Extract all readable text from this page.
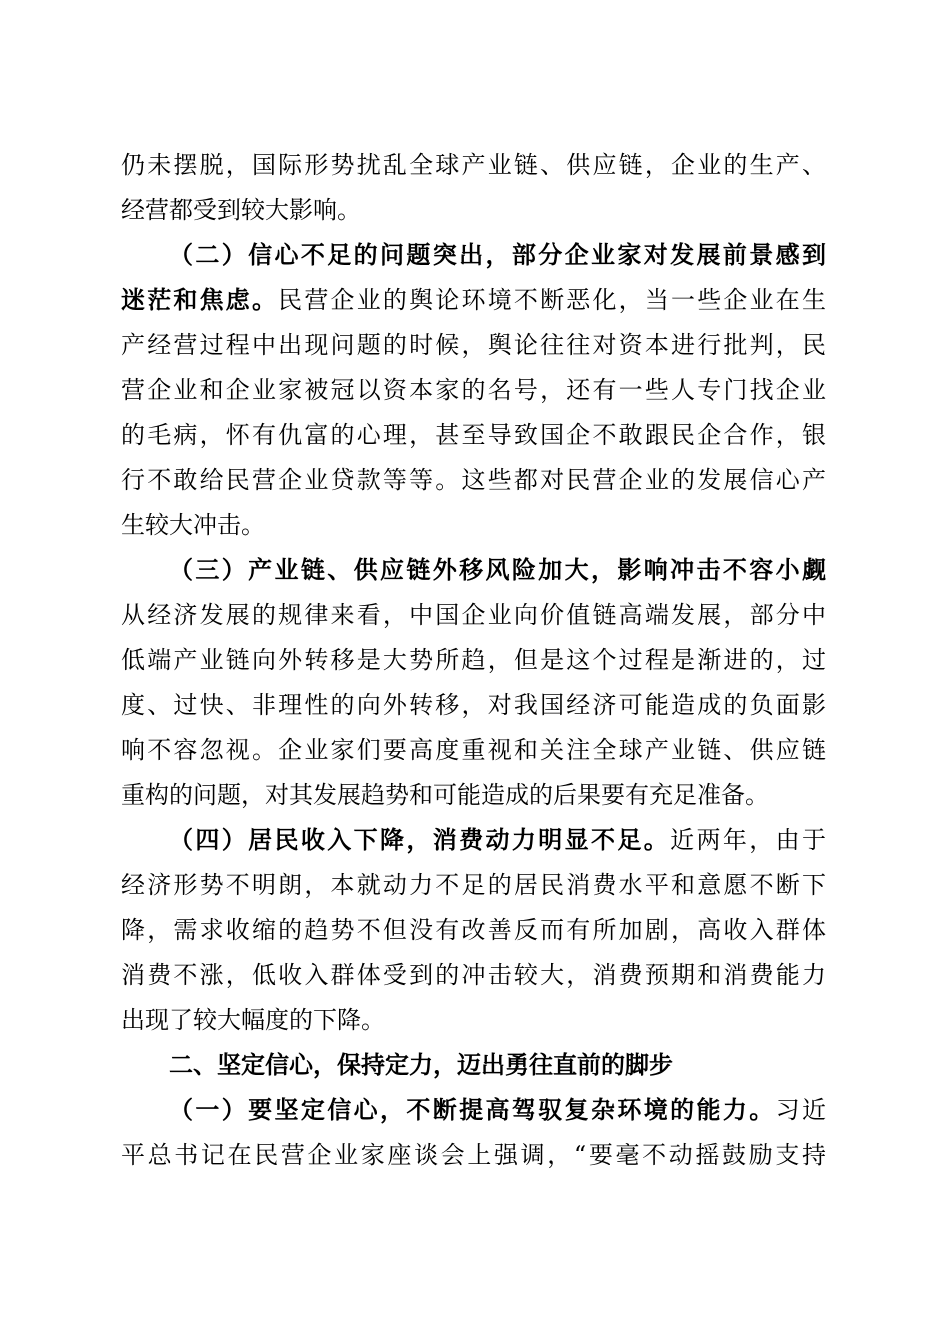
仍未摆脱，国际形势扰乱全球产业链、供应链，企业的生产、
经营都受到较大影响。
（二）信心不足的问题突出，部分企业家对发展前景感到
迷茫和焦虑。民营企业的舆论环境不断恶化，当一些企业在生
产经营过程中出现问题的时候，舆论往往对资本进行批判，民
营企业和企业家被冠以资本家的名号，还有一些人专门找企业
的毛病，怀有仇富的心理，甚至导致国企不敢跟民企合作，银
行不敢给民营企业贷款等等。这些都对民营企业的发展信心产
生较大冲击。
（三）产业链、供应链外移风险加大，影响冲击不容小觑
从经济发展的规律来看，中国企业向价值链高端发展，部分中
低端产业链向外转移是大势所趋，但是这个过程是渐进的，过
度、过快、非理性的向外转移，对我国经济可能造成的负面影
响不容忽视。企业家们要高度重视和关注全球产业链、供应链
重构的问题，对其发展趋势和可能造成的后果要有充足准备。
（四）居民收入下降，消费动力明显不足。近两年，由于
经济形势不明朗，本就动力不足的居民消费水平和意愿不断下
降，需求收缩的趋势不但没有改善反而有所加剧，高收入群体
消费不涨，低收入群体受到的冲击较大，消费预期和消费能力
出现了较大幅度的下降。
二、坚定信心，保持定力，迈出勇往直前的脚步
（一）要坚定信心，不断提高驾驭复杂环境的能力。习近
平总书记在民营企业家座谈会上强调，“要毫不动摇鼓励支持
